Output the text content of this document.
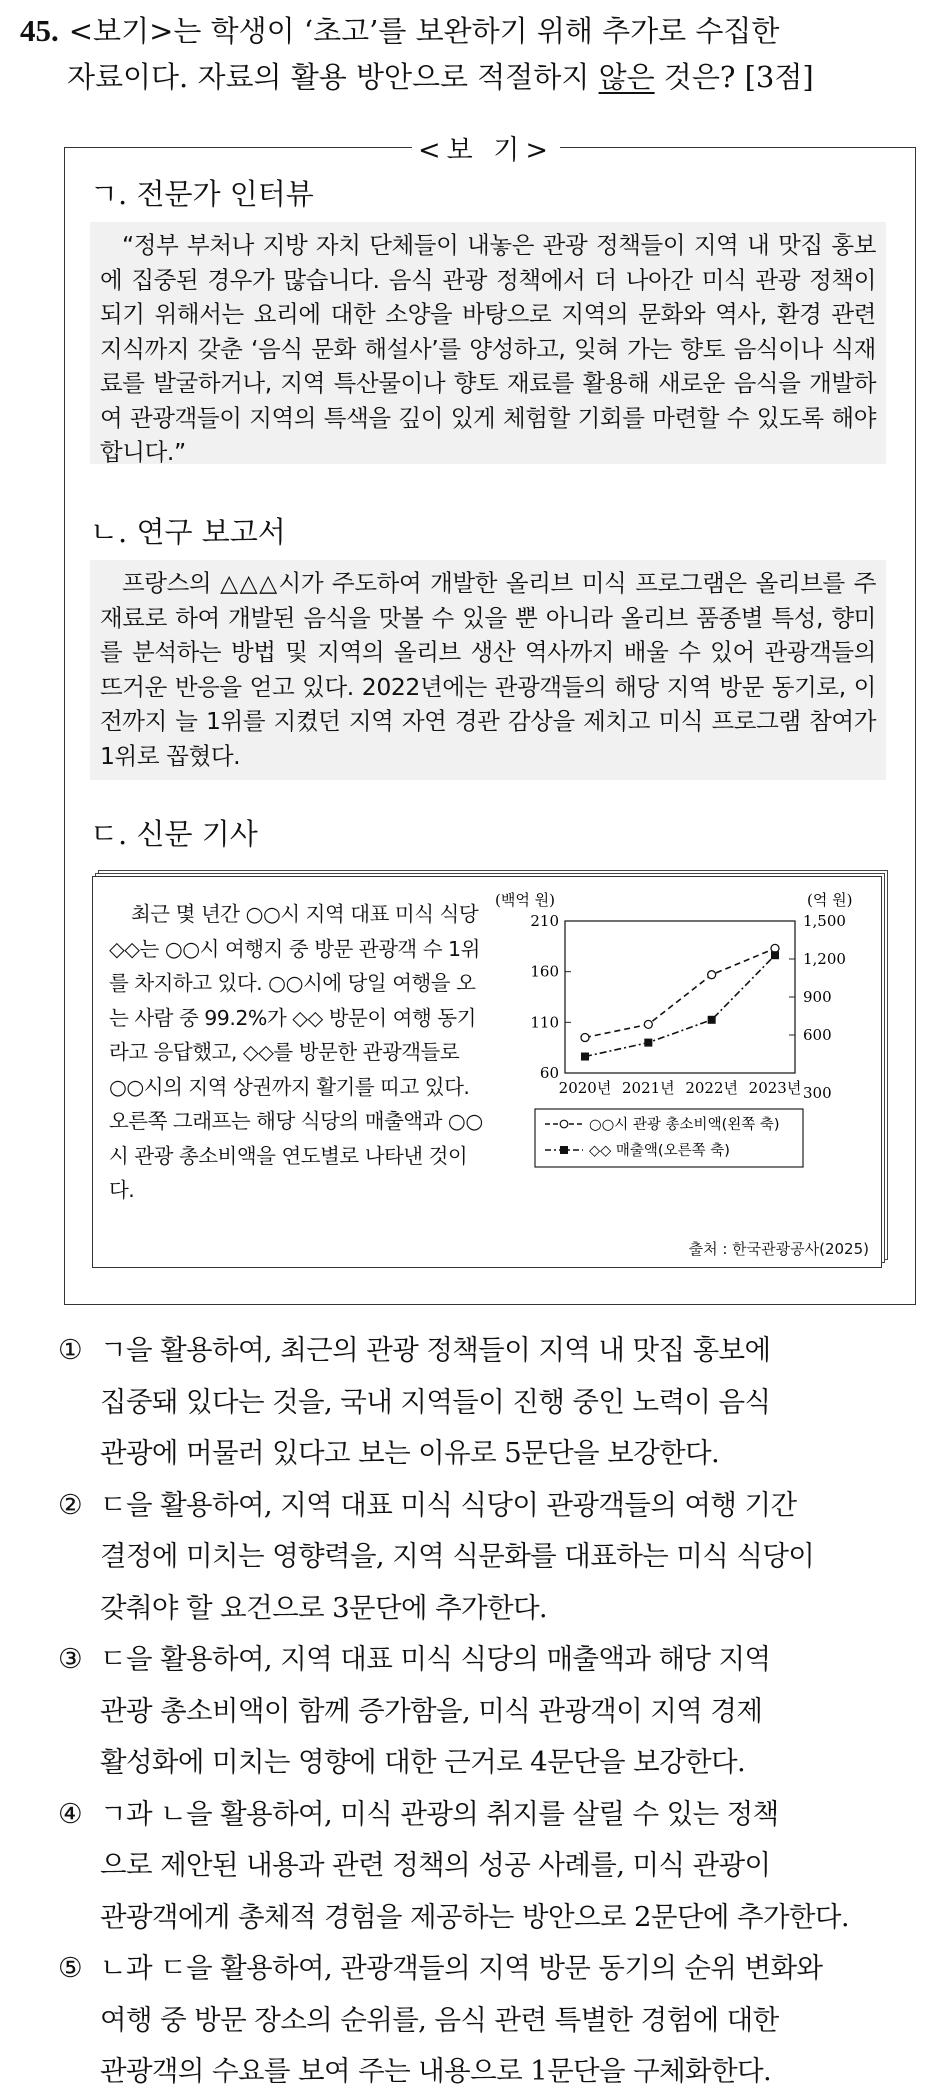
45. <보기>는 학생이 ‘초고’를 보완하기 위해 추가로 수집한
자료이다. 자료의 활용 방안으로 적절하지 않은 것은? [3점]
<보 기>
ㄱ. 전문가 인터뷰

“정부 부처나 지방 자치 단체들이 내놓은 관광 정책들이 지역 내 맛집 홍보에 집중된 경우가 많습니다. 음식 관광 정책에서 더 나아간 미식 관광 정책이 되기 위해서는 요리에 대한 소양을 바탕으로 지역의 문화와 역사, 환경 관련 지식까지 갖춘 ‘음식 문화 해설사’를 양성하고, 잊혀 가는 향토 음식이나 식재료를 발굴하거나, 지역 특산물이나 향토 재료를 활용해 새로운 음식을 개발하여 관광객들이 지역의 특색을 깊이 있게 체험할 기회를 마련할 수 있도록 해야 합니다.”

ㄴ. 연구 보고서

프랑스의 △△△시가 주도하여 개발한 올리브 미식 프로그램은 올리브를 주재료로 하여 개발된 음식을 맛볼 수 있을 뿐 아니라 올리브 품종별 특성, 향미를 분석하는 방법 및 지역의 올리브 생산 역사까지 배울 수 있어 관광객들의 뜨거운 반응을 얻고 있다. 2022년에는 관광객들의 해당 지역 방문 동기로, 이전까지 늘 1위를 지켰던 지역 자연 경관 감상을 제치고 미식 프로그램 참여가 1위로 꼽혔다.

ㄷ. 신문 기사

최근 몇 년간 ○○시 지역 대표 미식 식당 ◇◇는 ○○시 여행지 중 방문 관광객 수 1위를 차지하고 있다. ○○시에 당일 여행을 오는 사람 중 99.2%가 ◇◇ 방문이 여행 동기라고 응답했고, ◇◇를 방문한 관광객들로 ○○시의 지역 상권까지 활기를 띠고 있다. 오른쪽 그래프는 해당 식당의 매출액과 ○○시 관광 총소비액을 연도별로 나타낸 것이다.

(백억 원)	(억 원)
60
110
160
210
300
600
900
1,200
1,500
2020년 2021년 2022년 2023년
○○시 관광 총소비액(왼쪽 축)
◇◇ 매출액(오른쪽 축)
출처 : 한국관광공사(2025)
① ㄱ을 활용하여, 최근의 관광 정책들이 지역 내 맛집 홍보에
집중돼 있다는 것을, 국내 지역들이 진행 중인 노력이 음식
관광에 머물러 있다고 보는 이유로 5문단을 보강한다.
② ㄷ을 활용하여, 지역 대표 미식 식당이 관광객들의 여행 기간
결정에 미치는 영향력을, 지역 식문화를 대표하는 미식 식당이
갖춰야 할 요건으로 3문단에 추가한다.
③ ㄷ을 활용하여, 지역 대표 미식 식당의 매출액과 해당 지역
관광 총소비액이 함께 증가함을, 미식 관광객이 지역 경제
활성화에 미치는 영향에 대한 근거로 4문단을 보강한다.
④ ㄱ과 ㄴ을 활용하여, 미식 관광의 취지를 살릴 수 있는 정책
으로 제안된 내용과 관련 정책의 성공 사례를, 미식 관광이
관광객에게 총체적 경험을 제공하는 방안으로 2문단에 추가한다.
⑤ ㄴ과 ㄷ을 활용하여, 관광객들의 지역 방문 동기의 순위 변화와
여행 중 방문 장소의 순위를, 음식 관련 특별한 경험에 대한
관광객의 수요를 보여 주는 내용으로 1문단을 구체화한다.
